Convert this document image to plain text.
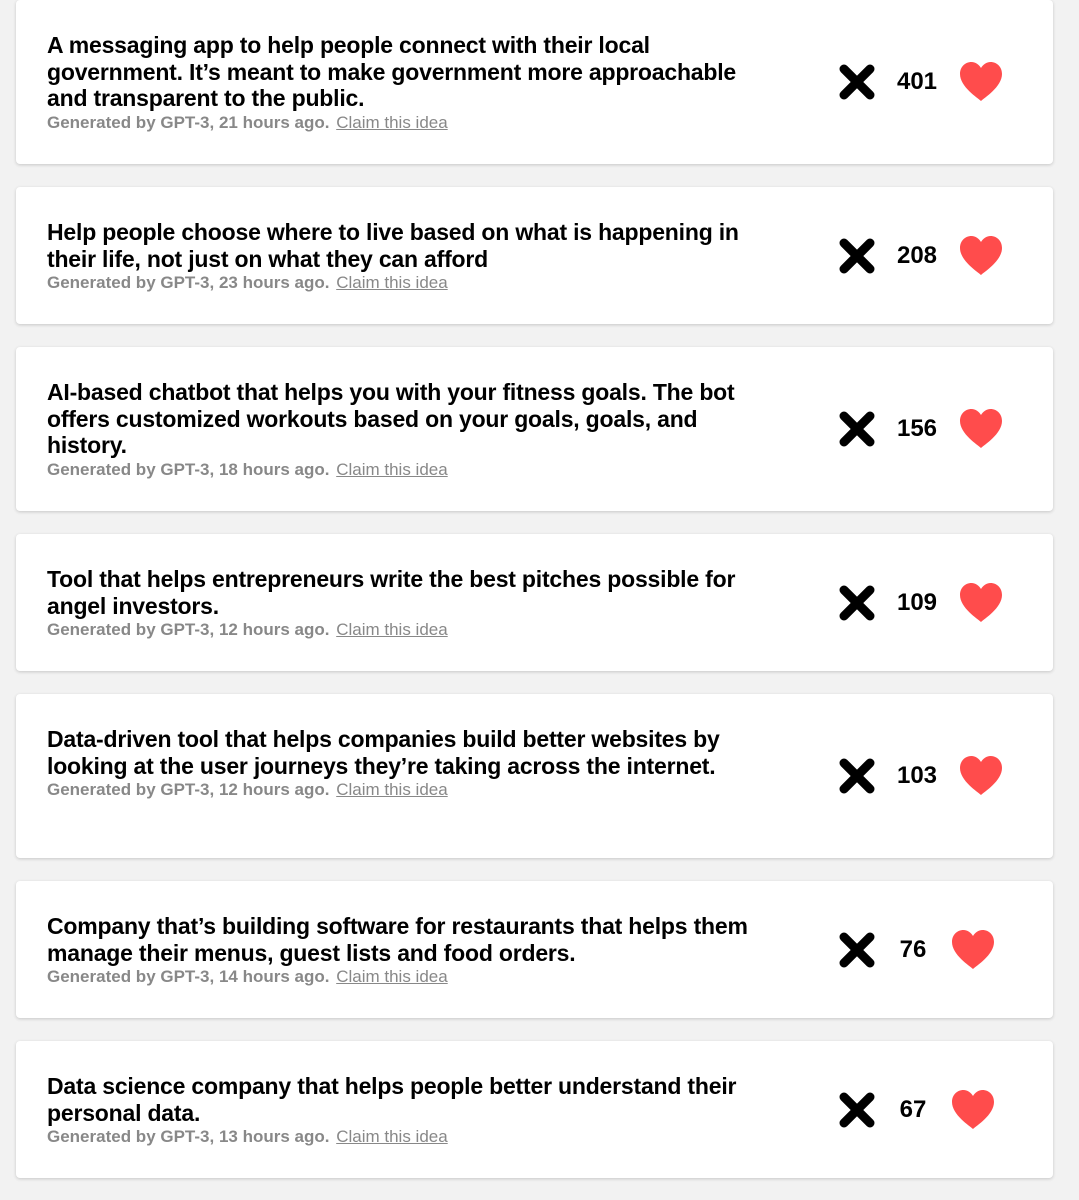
A messaging app to help people connect with their local government. It’s meant to make government more approachable and transparent to the public.
Generated by GPT-3, 21 hours ago. Claim this idea
401
Help people choose where to live based on what is happening in their life, not just on what they can afford
Generated by GPT-3, 23 hours ago. Claim this idea
208
AI-based chatbot that helps you with your fitness goals. The bot offers customized workouts based on your goals, goals, and history.
Generated by GPT-3, 18 hours ago. Claim this idea
156
Tool that helps entrepreneurs write the best pitches possible for angel investors.
Generated by GPT-3, 12 hours ago. Claim this idea
109
Data-driven tool that helps companies build better websites by looking at the user journeys they’re taking across the internet.
Generated by GPT-3, 12 hours ago. Claim this idea
103
Company that’s building software for restaurants that helps them manage their menus, guest lists and food orders.
Generated by GPT-3, 14 hours ago. Claim this idea
76
Data science company that helps people better understand their personal data.
Generated by GPT-3, 13 hours ago. Claim this idea
67
